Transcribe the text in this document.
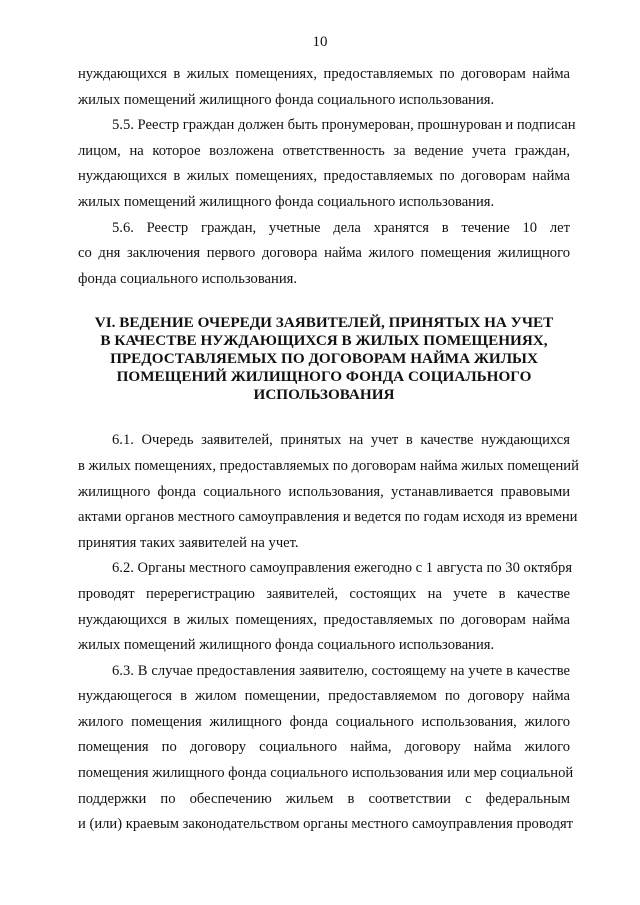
10

нуждающихся в жилых помещениях, предоставляемых по договорам найма
жилых помещений жилищного фонда социального использования.

5.5. Реестр граждан должен быть пронумерован, прошнурован и подписан
лицом, на которое возложена ответственность за ведение учета граждан,
нуждающихся в жилых помещениях, предоставляемых по договорам найма
жилых помещений жилищного фонда социального использования.

5.6. Реестр граждан, учетные дела хранятся в течение 10 лет
со дня заключения первого договора найма жилого помещения жилищного
фонда социального использования.

VI. ВЕДЕНИЕ ОЧЕРЕДИ ЗАЯВИТЕЛЕЙ, ПРИНЯТЫХ НА УЧЕТ
В КАЧЕСТВЕ НУЖДАЮЩИХСЯ В ЖИЛЫХ ПОМЕЩЕНИЯХ,
ПРЕДОСТАВЛЯЕМЫХ ПО ДОГОВОРАМ НАЙМА ЖИЛЫХ
ПОМЕЩЕНИЙ ЖИЛИЩНОГО ФОНДА СОЦИАЛЬНОГО
ИСПОЛЬЗОВАНИЯ

6.1. Очередь заявителей, принятых на учет в качестве нуждающихся
в жилых помещениях, предоставляемых по договорам найма жилых помещений
жилищного фонда социального использования, устанавливается правовыми
актами органов местного самоуправления и ведется по годам исходя из времени
принятия таких заявителей на учет.

6.2. Органы местного самоуправления ежегодно с 1 августа по 30 октября
проводят перерегистрацию заявителей, состоящих на учете в качестве
нуждающихся в жилых помещениях, предоставляемых по договорам найма
жилых помещений жилищного фонда социального использования.

6.3. В случае предоставления заявителю, состоящему на учете в качестве
нуждающегося в жилом помещении, предоставляемом по договору найма
жилого помещения жилищного фонда социального использования, жилого
помещения по договору социального найма, договору найма жилого
помещения жилищного фонда социального использования или мер социальной
поддержки по обеспечению жильем в соответствии с федеральным
и (или) краевым законодательством органы местного самоуправления проводят
